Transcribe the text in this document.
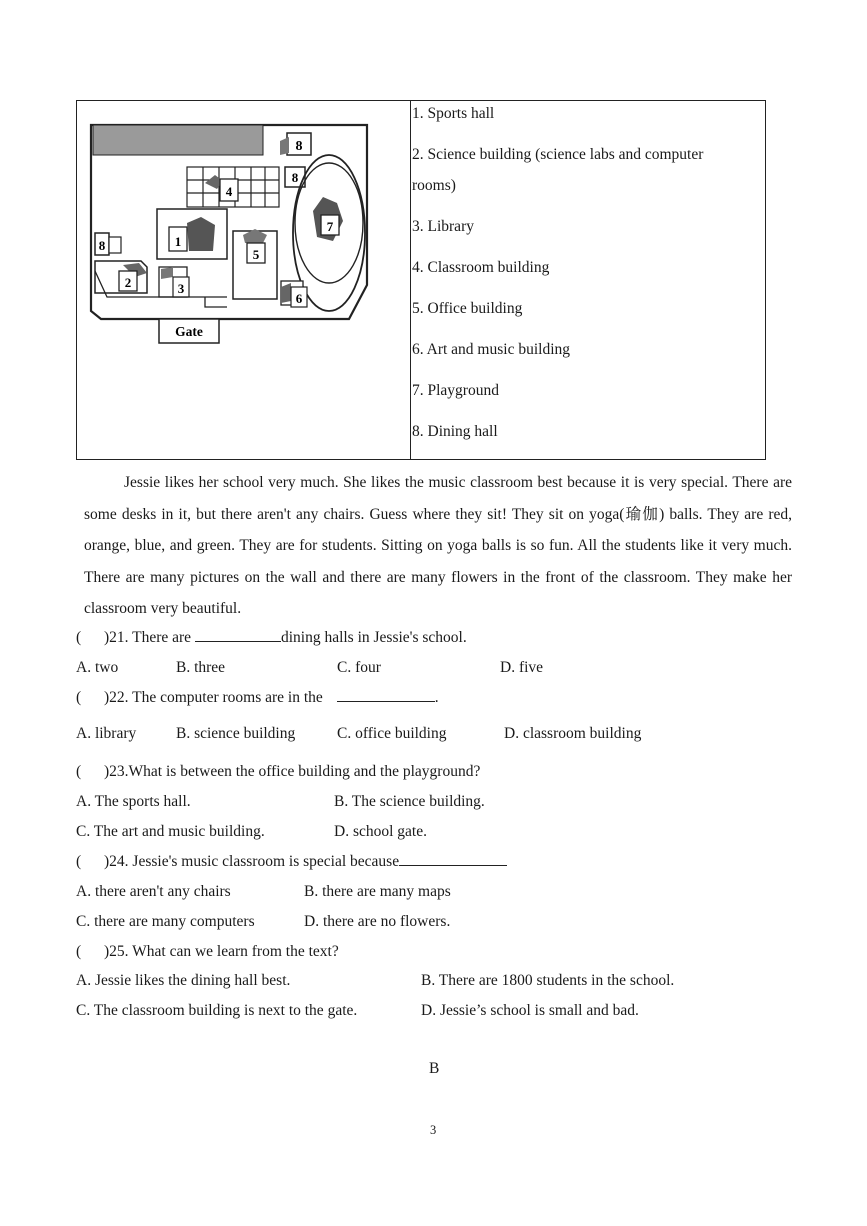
8
8
4
1
5
8
2	3
7
6
Gate
1. Sports hall
2. Science building (science labs and computer
rooms)
3. Library
4. Classroom building
5. Office building
6. Art and music building
7. Playground
8. Dining hall

Jessie likes her school very much. She likes the music classroom best because it is very special. There are some desks in it, but there aren't any chairs. Guess where they sit! They sit on yoga(瑜伽) balls. They are red, orange, blue, and green. They are for students. Sitting on yoga balls is so fun. All the students like it very much. There are many pictures on the wall and there are many flowers in the front of the classroom. They make her classroom very beautiful.

( )21. There are	dining halls in Jessie's school.
A. two	B. three	C. four	D. five
( )22. The computer rooms are in the	.
A. library	B. science building	C. office building	D. classroom building
( )23.What is between the office building and the playground?
A. The sports hall.	B. The science building.
C. The art and music building.	D. school gate.
( )24. Jessie's music classroom is special because
A. there aren't any chairs	B. there are many maps
C. there are many computers	D. there are no flowers.
( )25. What can we learn from the text?
A. Jessie likes the dining hall best.	B. There are 1800 students in the school.
C. The classroom building is next to the gate.	D. Jessie’s school is small and bad.
B
3
